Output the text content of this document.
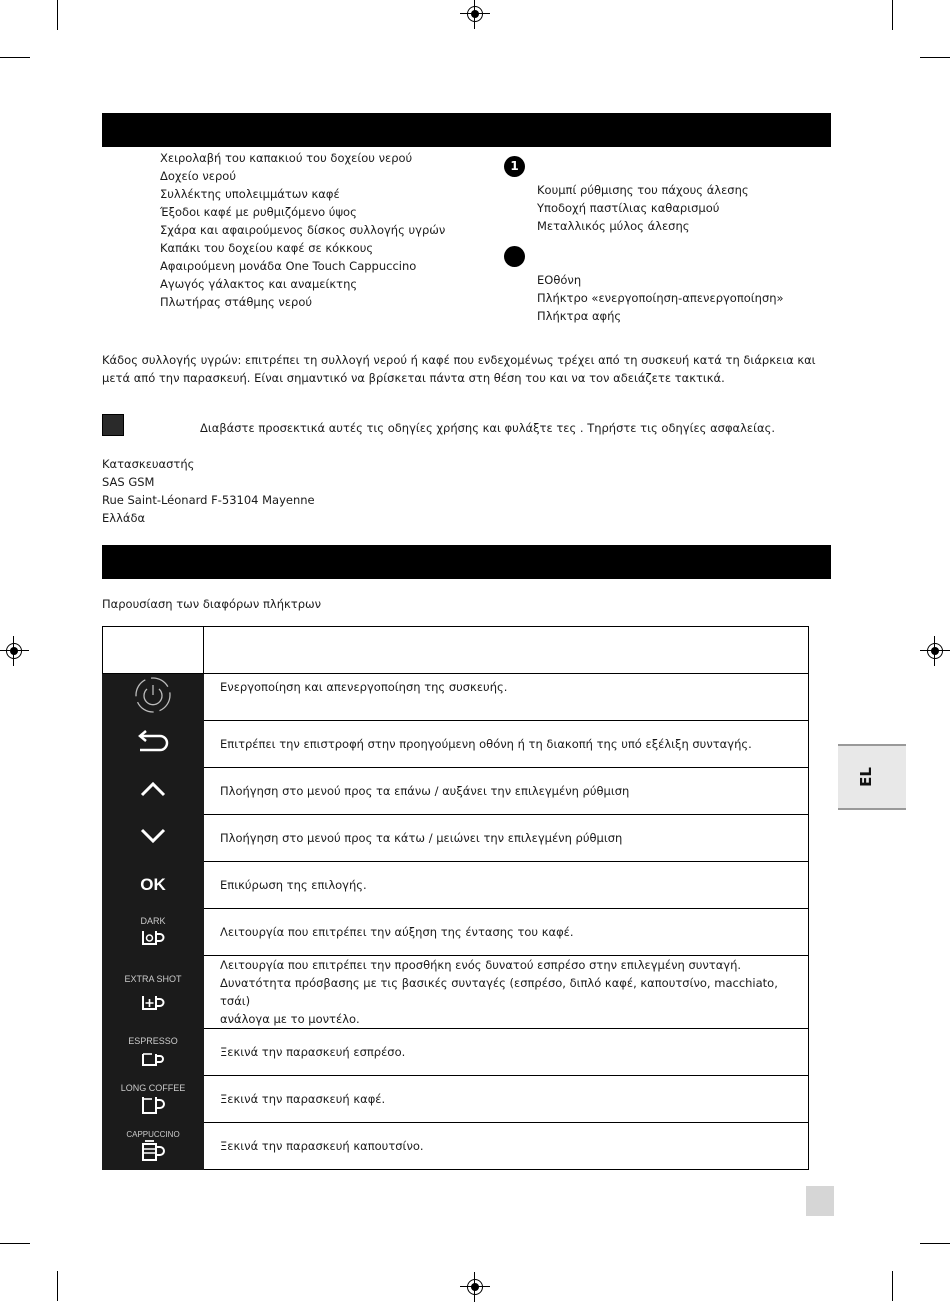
Χειρολαβή του καπακιού του δοχείου νερού
Δοχείο νερού
Συλλέκτης υπολειμμάτων καφέ
Έξοδοι καφέ με ρυθμιζόμενο ύψος
Σχάρα και αφαιρούμενος δίσκος συλλογής υγρών
Καπάκι του δοχείου καφέ σε κόκκους
Αφαιρούμενη μονάδα One Touch Cappuccino
Αγωγός γάλακτος και αναμείκτης
Πλωτήρας στάθμης νερού
1
Κουμπί ρύθμισης του πάχους άλεσης
Υποδοχή παστίλιας καθαρισμού
Μεταλλικός μύλος άλεσης
ΕΟθόνη
Πλήκτρο «ενεργοποίηση-απενεργοποίηση»
Πλήκτρα αφής
Κάδος συλλογής υγρών: επιτρέπει τη συλλογή νερού ή καφέ που ενδεχομένως τρέχει από τη συσκευή κατά τη διάρκεια και μετά από την παρασκευή. Είναι σημαντικό να βρίσκεται πάντα στη θέση του και να τον αδειάζετε τακτικά.
Διαβάστε προσεκτικά αυτές τις οδηγίες χρήσης και φυλάξτε τες . Τηρήστε τις οδηγίες ασφαλείας.
Κατασκευαστής
SAS GSM
Rue Saint-Léonard F-53104 Mayenne
Ελλάδα
Παρουσίαση των διαφόρων πλήκτρων

	Ενεργοποίηση και απενεργοποίηση της συσκευής.
	Επιτρέπει την επιστροφή στην προηγούμενη οθόνη ή τη διακοπή της υπό εξέλιξη συνταγής.
	Πλοήγηση στο μενού προς τα επάνω / αυξάνει την επιλεγμένη ρύθμιση
	Πλοήγηση στο μενού προς τα κάτω / μειώνει την επιλεγμένη ρύθμιση
OK	Επικύρωση της επιλογής.

DARK	Λειτουργία που επιτρέπει την αύξηση της έντασης του καφέ.

EXTRA SHOT	Λειτουργία που επιτρέπει την προσθήκη ενός δυνατού εσπρέσο στην επιλεγμένη συνταγή.
Δυνατότητα πρόσβασης με τις βασικές συνταγές (εσπρέσο, διπλό καφέ, καπουτσίνο, macchiato, τσάι)
ανάλογα με το μοντέλο.

ESPRESSO	Ξεκινά την παρασκευή εσπρέσο.

LONG COFFEE	Ξεκινά την παρασκευή καφέ.

CAPPUCCINO	Ξεκινά την παρασκευή καπουτσίνο.
EL
